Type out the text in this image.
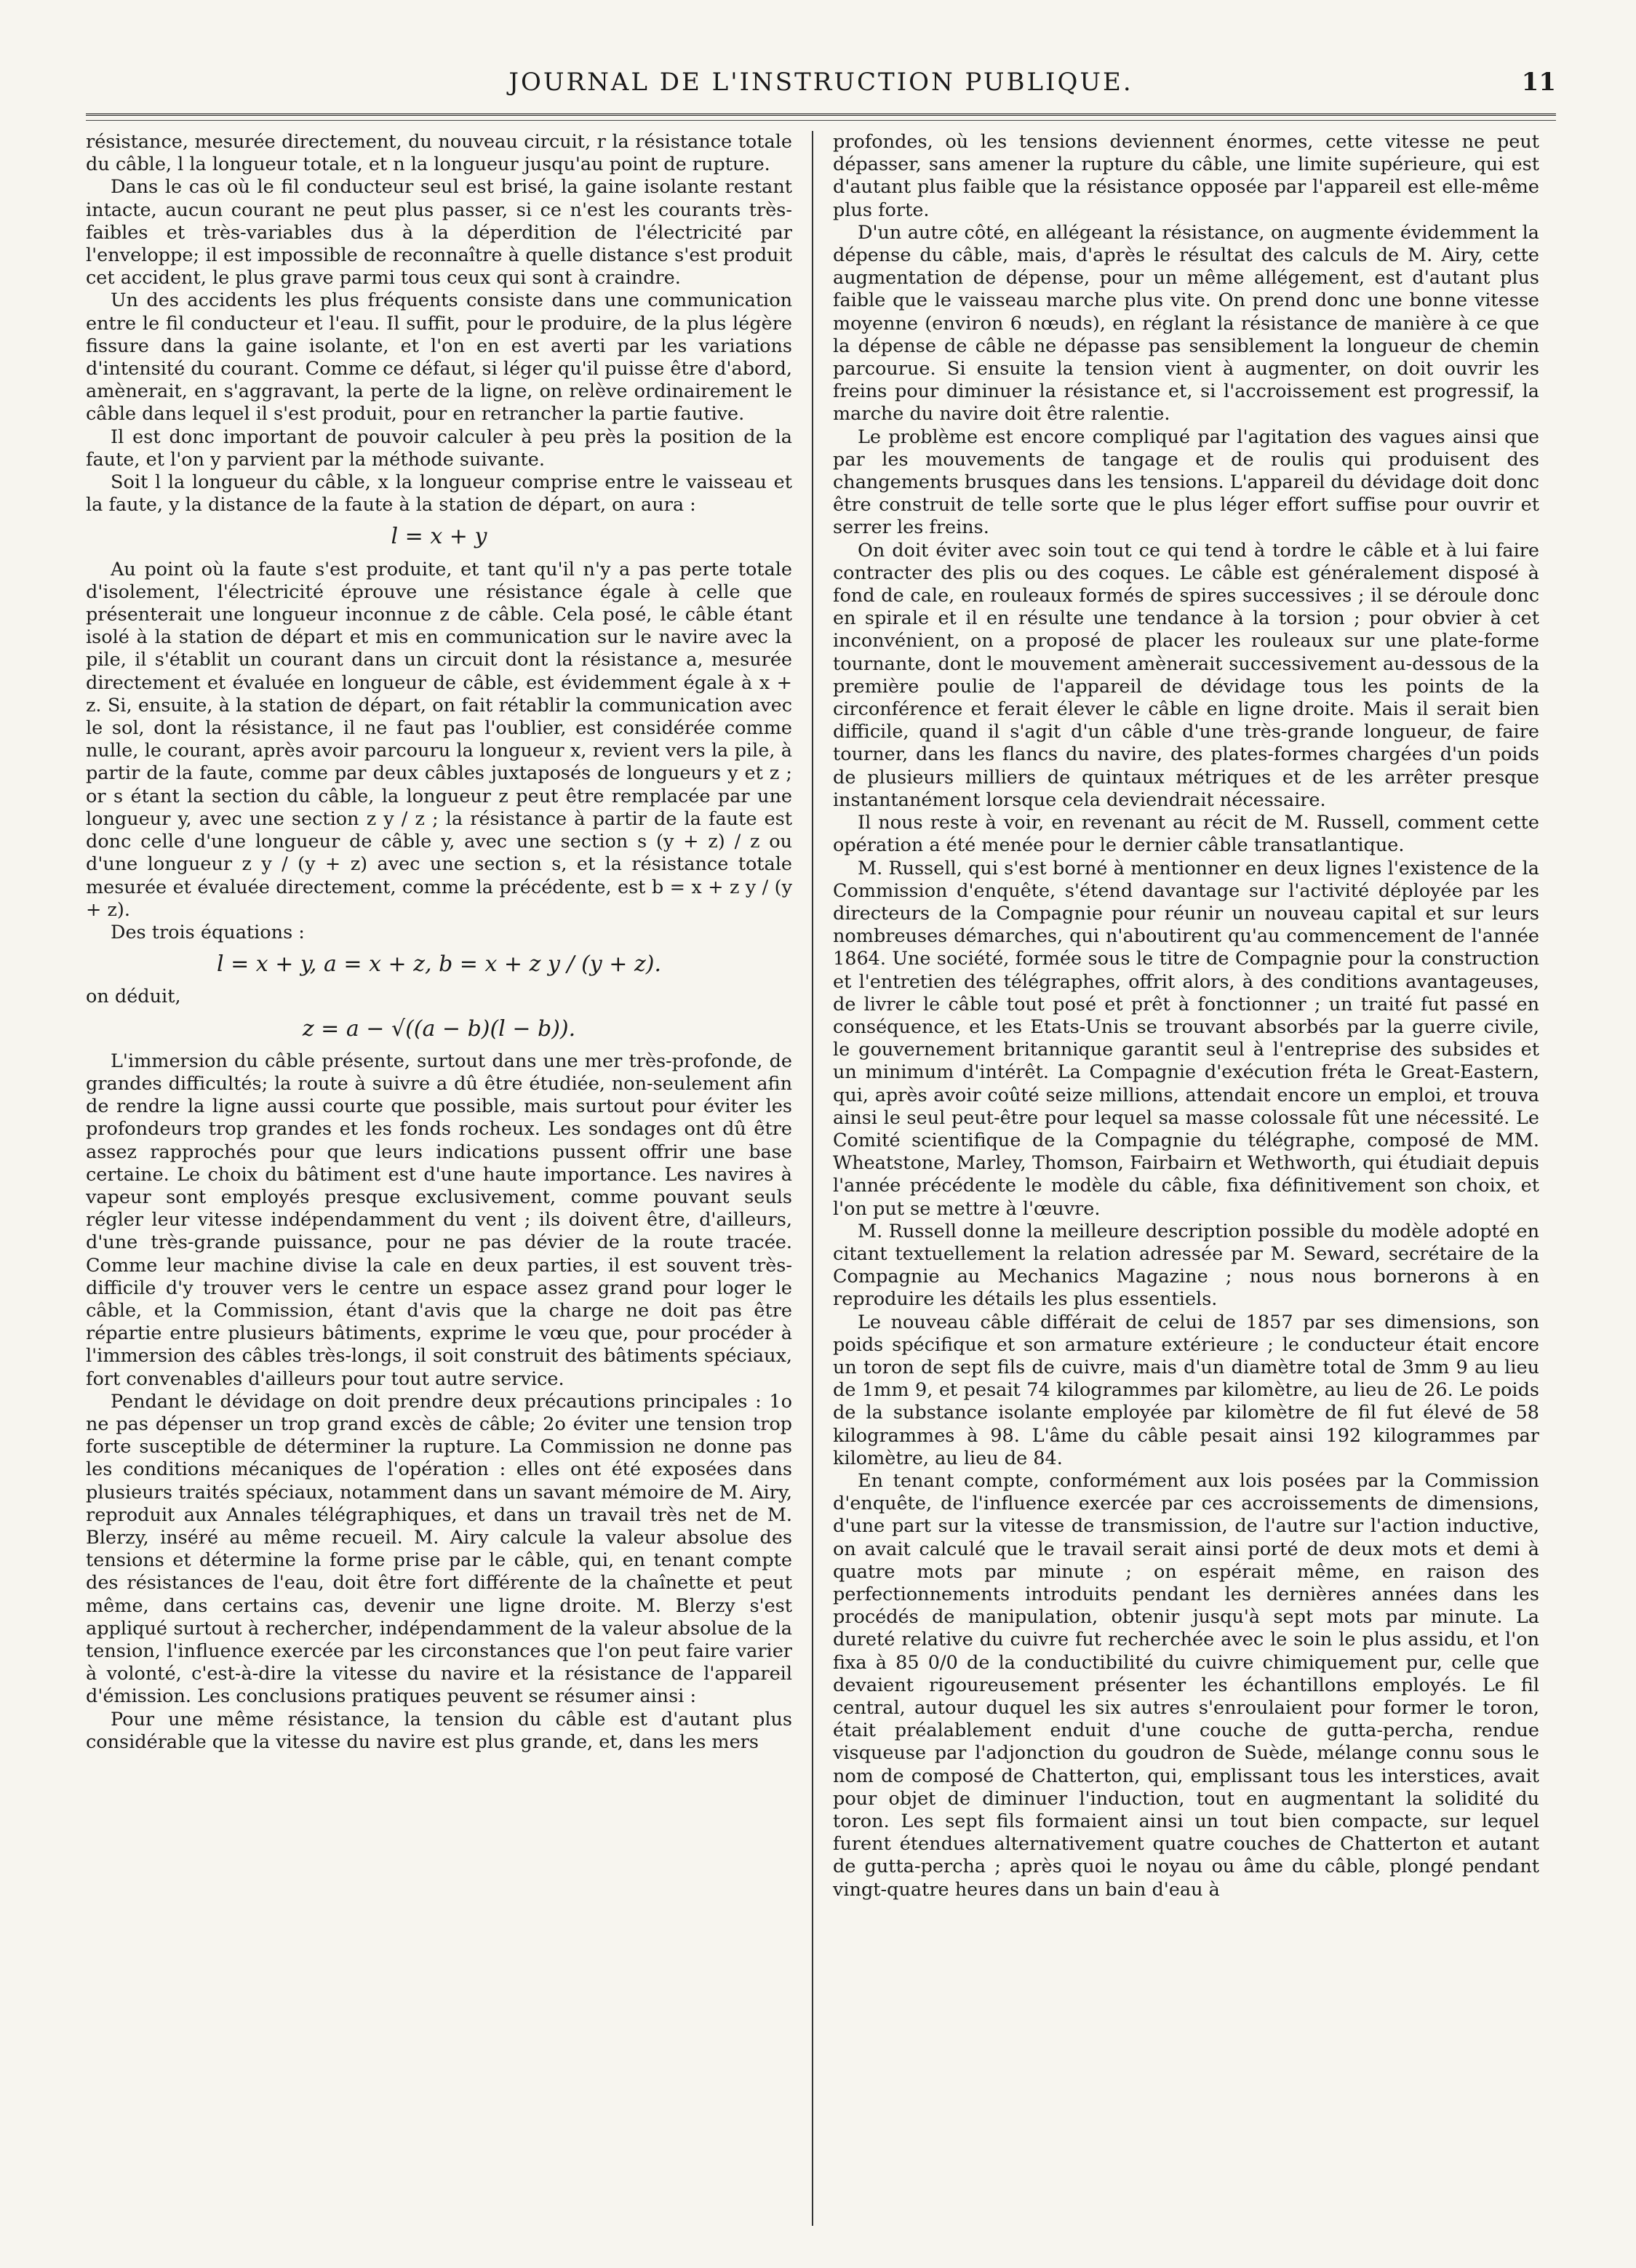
JOURNAL DE L'INSTRUCTION PUBLIQUE.	11

résistance, mesurée directement, du nouveau circuit, r la résistance totale du câble, l la longueur totale, et n la longueur jusqu'au point de rupture.

Dans le cas où le fil conducteur seul est brisé, la gaine isolante restant intacte, aucun courant ne peut plus passer, si ce n'est les courants très-faibles et très-variables dus à la déperdition de l'électricité par l'enveloppe; il est impossible de reconnaître à quelle distance s'est produit cet accident, le plus grave parmi tous ceux qui sont à craindre.

Un des accidents les plus fréquents consiste dans une communication entre le fil conducteur et l'eau. Il suffit, pour le produire, de la plus légère fissure dans la gaine isolante, et l'on en est averti par les variations d'intensité du courant. Comme ce défaut, si léger qu'il puisse être d'abord, amènerait, en s'aggravant, la perte de la ligne, on relève ordinairement le câble dans lequel il s'est produit, pour en retrancher la partie fautive.

Il est donc important de pouvoir calculer à peu près la position de la faute, et l'on y parvient par la méthode suivante.

Soit l la longueur du câble, x la longueur comprise entre le vaisseau et la faute, y la distance de la faute à la station de départ, on aura :

l = x + y

Au point où la faute s'est produite, et tant qu'il n'y a pas perte totale d'isolement, l'électricité éprouve une résistance égale à celle que présenterait une longueur inconnue z de câble. Cela posé, le câble étant isolé à la station de départ et mis en communication sur le navire avec la pile, il s'établit un courant dans un circuit dont la résistance a, mesurée directement et évaluée en longueur de câble, est évidemment égale à x + z. Si, ensuite, à la station de départ, on fait rétablir la communication avec le sol, dont la résistance, il ne faut pas l'oublier, est considérée comme nulle, le courant, après avoir parcouru la longueur x, revient vers la pile, à partir de la faute, comme par deux câbles juxtaposés de longueurs y et z ; or s étant la section du câble, la longueur z peut être remplacée par une longueur y, avec une section z y / z ; la résistance à partir de la faute est donc celle d'une longueur de câble y, avec une section s (y + z) / z ou d'une longueur z y / (y + z) avec une section s, et la résistance totale mesurée et évaluée directement, comme la précédente, est b = x + z y / (y + z).

Des trois équations :

l = x + y, a = x + z, b = x + z y / (y + z).

on déduit,

z = a − √((a − b)(l − b)).

L'immersion du câble présente, surtout dans une mer très-profonde, de grandes difficultés; la route à suivre a dû être étudiée, non-seulement afin de rendre la ligne aussi courte que possible, mais surtout pour éviter les profondeurs trop grandes et les fonds rocheux. Les sondages ont dû être assez rapprochés pour que leurs indications pussent offrir une base certaine. Le choix du bâtiment est d'une haute importance. Les navires à vapeur sont employés presque exclusivement, comme pouvant seuls régler leur vitesse indépendamment du vent ; ils doivent être, d'ailleurs, d'une très-grande puissance, pour ne pas dévier de la route tracée. Comme leur machine divise la cale en deux parties, il est souvent très-difficile d'y trouver vers le centre un espace assez grand pour loger le câble, et la Commission, étant d'avis que la charge ne doit pas être répartie entre plusieurs bâtiments, exprime le vœu que, pour procéder à l'immersion des câbles très-longs, il soit construit des bâtiments spéciaux, fort convenables d'ailleurs pour tout autre service.

Pendant le dévidage on doit prendre deux précautions principales : 1o ne pas dépenser un trop grand excès de câble; 2o éviter une tension trop forte susceptible de déterminer la rupture. La Commission ne donne pas les conditions mécaniques de l'opération : elles ont été exposées dans plusieurs traités spéciaux, notamment dans un savant mémoire de M. Airy, reproduit aux Annales télégraphiques, et dans un travail très net de M. Blerzy, inséré au même recueil. M. Airy calcule la valeur absolue des tensions et détermine la forme prise par le câble, qui, en tenant compte des résistances de l'eau, doit être fort différente de la chaînette et peut même, dans certains cas, devenir une ligne droite. M. Blerzy s'est appliqué surtout à rechercher, indépendamment de la valeur absolue de la tension, l'influence exercée par les circonstances que l'on peut faire varier à volonté, c'est-à-dire la vitesse du navire et la résistance de l'appareil d'émission. Les conclusions pratiques peuvent se résumer ainsi :

Pour une même résistance, la tension du câble est d'autant plus considérable que la vitesse du navire est plus grande, et, dans les mers

profondes, où les tensions deviennent énormes, cette vitesse ne peut dépasser, sans amener la rupture du câble, une limite supérieure, qui est d'autant plus faible que la résistance opposée par l'appareil est elle-même plus forte.

D'un autre côté, en allégeant la résistance, on augmente évidemment la dépense du câble, mais, d'après le résultat des calculs de M. Airy, cette augmentation de dépense, pour un même allégement, est d'autant plus faible que le vaisseau marche plus vite. On prend donc une bonne vitesse moyenne (environ 6 nœuds), en réglant la résistance de manière à ce que la dépense de câble ne dépasse pas sensiblement la longueur de chemin parcourue. Si ensuite la tension vient à augmenter, on doit ouvrir les freins pour diminuer la résistance et, si l'accroissement est progressif, la marche du navire doit être ralentie.

Le problème est encore compliqué par l'agitation des vagues ainsi que par les mouvements de tangage et de roulis qui produisent des changements brusques dans les tensions. L'appareil du dévidage doit donc être construit de telle sorte que le plus léger effort suffise pour ouvrir et serrer les freins.

On doit éviter avec soin tout ce qui tend à tordre le câble et à lui faire contracter des plis ou des coques. Le câble est généralement disposé à fond de cale, en rouleaux formés de spires successives ; il se déroule donc en spirale et il en résulte une tendance à la torsion ; pour obvier à cet inconvénient, on a proposé de placer les rouleaux sur une plate-forme tournante, dont le mouvement amènerait successivement au-dessous de la première poulie de l'appareil de dévidage tous les points de la circonférence et ferait élever le câble en ligne droite. Mais il serait bien difficile, quand il s'agit d'un câble d'une très-grande longueur, de faire tourner, dans les flancs du navire, des plates-formes chargées d'un poids de plusieurs milliers de quintaux métriques et de les arrêter presque instantanément lorsque cela deviendrait nécessaire.

Il nous reste à voir, en revenant au récit de M. Russell, comment cette opération a été menée pour le dernier câble transatlantique.

M. Russell, qui s'est borné à mentionner en deux lignes l'existence de la Commission d'enquête, s'étend davantage sur l'activité déployée par les directeurs de la Compagnie pour réunir un nouveau capital et sur leurs nombreuses démarches, qui n'aboutirent qu'au commencement de l'année 1864. Une société, formée sous le titre de Compagnie pour la construction et l'entretien des télégraphes, offrit alors, à des conditions avantageuses, de livrer le câble tout posé et prêt à fonctionner ; un traité fut passé en conséquence, et les Etats-Unis se trouvant absorbés par la guerre civile, le gouvernement britannique garantit seul à l'entreprise des subsides et un minimum d'intérêt. La Compagnie d'exécution fréta le Great-Eastern, qui, après avoir coûté seize millions, attendait encore un emploi, et trouva ainsi le seul peut-être pour lequel sa masse colossale fût une nécessité. Le Comité scientifique de la Compagnie du télégraphe, composé de MM. Wheatstone, Marley, Thomson, Fairbairn et Wethworth, qui étudiait depuis l'année précédente le modèle du câble, fixa définitivement son choix, et l'on put se mettre à l'œuvre.

M. Russell donne la meilleure description possible du modèle adopté en citant textuellement la relation adressée par M. Seward, secrétaire de la Compagnie au Mechanics Magazine ; nous nous bornerons à en reproduire les détails les plus essentiels.

Le nouveau câble différait de celui de 1857 par ses dimensions, son poids spécifique et son armature extérieure ; le conducteur était encore un toron de sept fils de cuivre, mais d'un diamètre total de 3mm 9 au lieu de 1mm 9, et pesait 74 kilogrammes par kilomètre, au lieu de 26. Le poids de la substance isolante employée par kilomètre de fil fut élevé de 58 kilogrammes à 98. L'âme du câble pesait ainsi 192 kilogrammes par kilomètre, au lieu de 84.

En tenant compte, conformément aux lois posées par la Commission d'enquête, de l'influence exercée par ces accroissements de dimensions, d'une part sur la vitesse de transmission, de l'autre sur l'action inductive, on avait calculé que le travail serait ainsi porté de deux mots et demi à quatre mots par minute ; on espérait même, en raison des perfectionnements introduits pendant les dernières années dans les procédés de manipulation, obtenir jusqu'à sept mots par minute. La dureté relative du cuivre fut recherchée avec le soin le plus assidu, et l'on fixa à 85 0/0 de la conductibilité du cuivre chimiquement pur, celle que devaient rigoureusement présenter les échantillons employés. Le fil central, autour duquel les six autres s'enroulaient pour former le toron, était préalablement enduit d'une couche de gutta-percha, rendue visqueuse par l'adjonction du goudron de Suède, mélange connu sous le nom de composé de Chatterton, qui, emplissant tous les interstices, avait pour objet de diminuer l'induction, tout en augmentant la solidité du toron. Les sept fils formaient ainsi un tout bien compacte, sur lequel furent étendues alternativement quatre couches de Chatterton et autant de gutta-percha ; après quoi le noyau ou âme du câble, plongé pendant vingt-quatre heures dans un bain d'eau à
